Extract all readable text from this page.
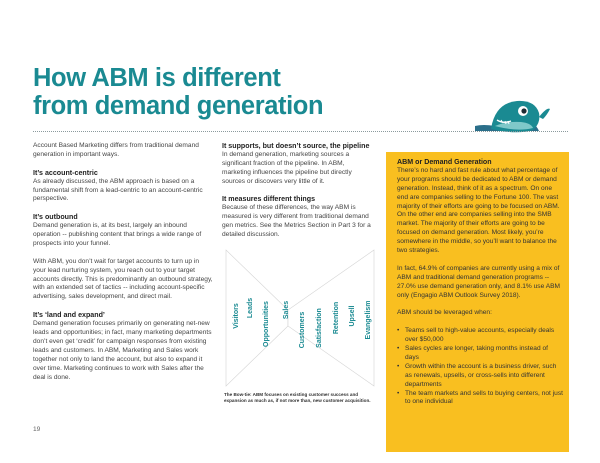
How ABM is different
from demand generation

Account Based Marketing differs from traditional demand generation in important ways.

It’s account-centric

As already discussed, the ABM approach is based on a fundamental shift from a lead-centric to an account-centric perspective.

It’s outbound

Demand generation is, at its best, largely an inbound operation -- publishing content that brings a wide range of prospects into your funnel.

With ABM, you don’t wait for target accounts to turn up in your lead nurturing system, you reach out to your target accounts directly. This is predominantly an outbound strategy, with an extended set of tactics -- including account-specific advertising, sales development, and direct mail.

It’s ‘land and expand’

Demand generation focuses primarily on generating net-new leads and opportunities; in fact, many marketing departments don’t even get ‘credit’ for campaign responses from existing leads and customers. In ABM, Marketing and Sales work together not only to land the account, but also to expand it over time. Marketing continues to work with Sales after the deal is done.

It supports, but doesn’t source, the pipeline

In demand generation, marketing sources a significant fraction of the pipeline. In ABM, marketing influences the pipeline but directly sources or discovers very little of it.

It measures different things

Because of these differences, the way ABM is measured is very different from traditional demand gen metrics. See the Metrics Section in Part 3 for a detailed discussion.

Visitors Leads Opportunities Sales
Customers Satisfaction Retention Upsell Evangelism
The Bow-tie: ABM focuses on existing customer success and expansion as much as, if not more than, new customer acquisition.
ABM or Demand Generation

There’s no hard and fast rule about what percentage of your programs should be dedicated to ABM or demand generation. Instead, think of it as a spectrum. On one end are companies selling to the Fortune 100. The vast majority of their efforts are going to be focused on ABM. On the other end are companies selling into the SMB market. The majority of their efforts are going to be focused on demand generation. Most likely, you’re somewhere in the middle, so you’ll want to balance the two strategies.

In fact, 64.9% of companies are currently using a mix of ABM and traditional demand generation programs -- 27.0% use demand generation only, and 8.1% use ABM only (Engagio ABM Outlook Survey 2018).

ABM should be leveraged when:

• Teams sell to high-value accounts, especially deals over $50,000
• Sales cycles are longer, taking months instead of days
• Growth within the account is a business driver, such as renewals, upsells, or cross-sells into different departments
• The team markets and sells to buying centers, not just to one individual
19
